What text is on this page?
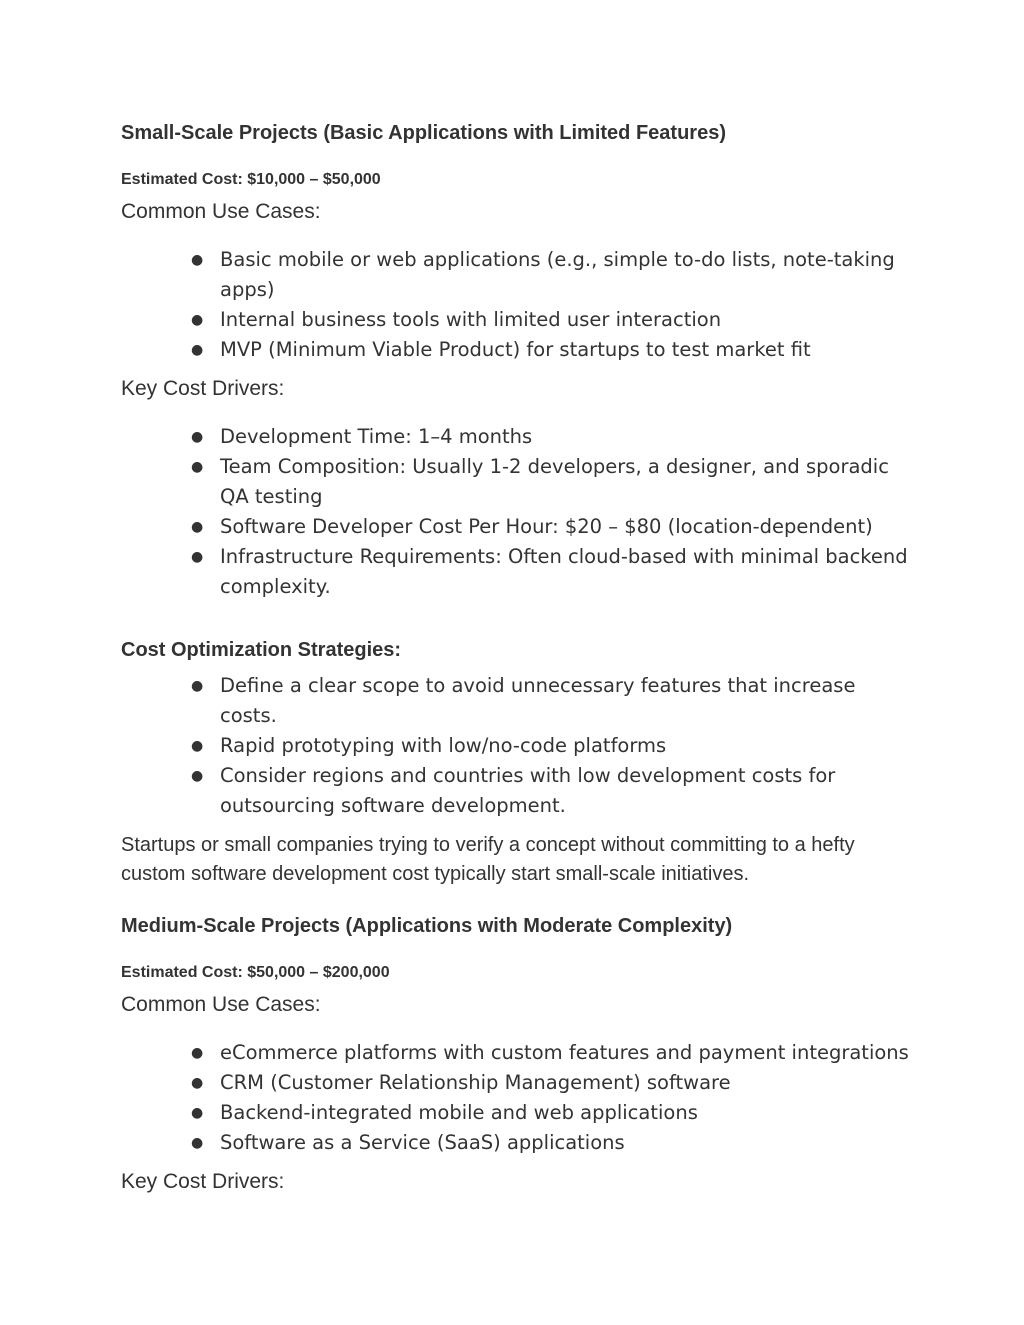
Small-Scale Projects (Basic Applications with Limited Features)
Estimated Cost: $10,000 – $50,000
Common Use Cases:
● Basic mobile or web applications (e.g., simple to-do lists, note-taking apps)
● Internal business tools with limited user interaction
● MVP (Minimum Viable Product) for startups to test market fit
Key Cost Drivers:
● Development Time: 1–4 months
● Team Composition: Usually 1-2 developers, a designer, and sporadic QA testing
● Software Developer Cost Per Hour: $20 – $80 (location-dependent)
● Infrastructure Requirements: Often cloud-based with minimal backend complexity.
Cost Optimization Strategies:
● Define a clear scope to avoid unnecessary features that increase costs.
● Rapid prototyping with low/no-code platforms
● Consider regions and countries with low development costs for outsourcing software development.

Startups or small companies trying to verify a concept without committing to a hefty custom software development cost typically start small-scale initiatives.

Medium-Scale Projects (Applications with Moderate Complexity)
Estimated Cost: $50,000 – $200,000
Common Use Cases:
● eCommerce platforms with custom features and payment integrations
● CRM (Customer Relationship Management) software
● Backend-integrated mobile and web applications
● Software as a Service (SaaS) applications
Key Cost Drivers:
